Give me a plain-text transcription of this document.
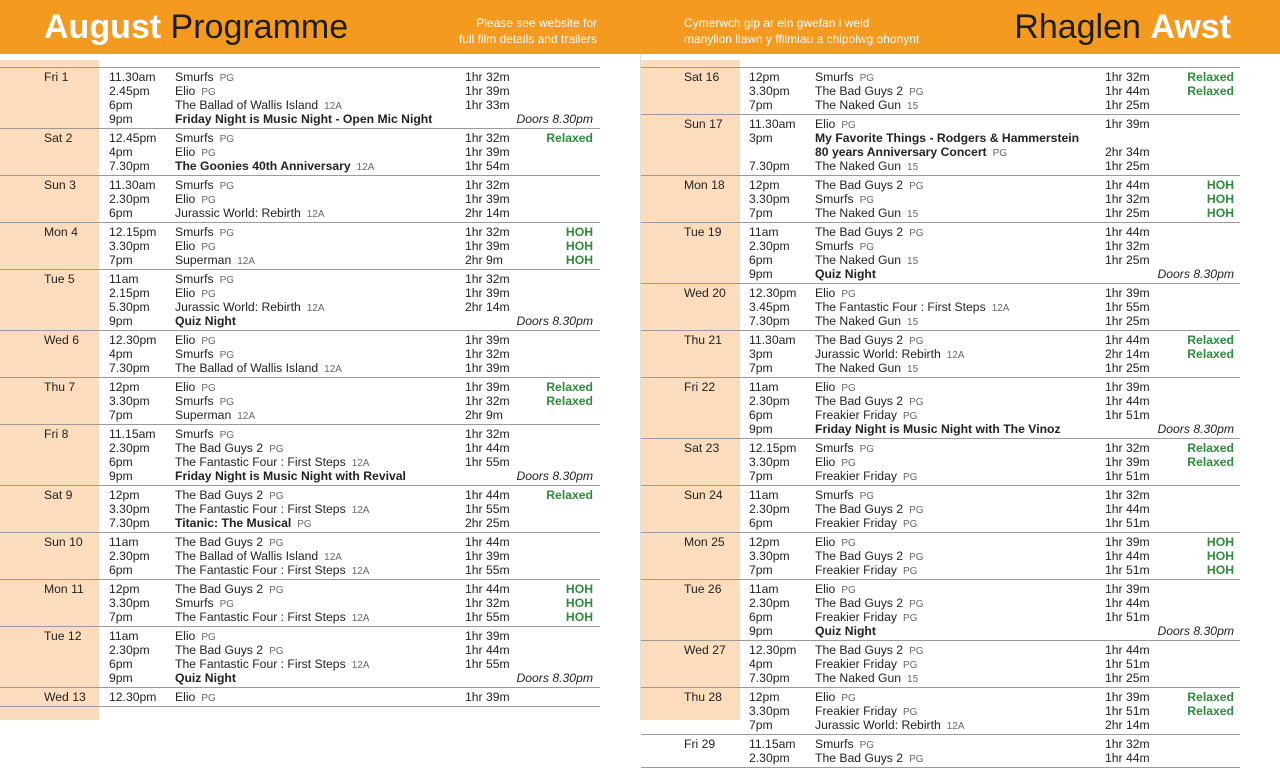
August Programme	Please see website for
full film details and trailers
Cymerwch gip ar ein gwefan i weld
manylion llawn y ffilmiau a chipolwg ohonynt	Rhaglen Awst
Fri 1	11.30am Smurfs PG	1hr 32m
2.45pm Elio PG	1hr 39m
6pm	The Ballad of Wallis Island 12A	1hr 33m
9pm	Friday Night is Music Night - Open Mic Night	Doors 8.30pm
Sat 2	12.45pm Smurfs PG	1hr 32m	Relaxed
4pm	Elio PG	1hr 39m
7.30pm The Goonies 40th Anniversary 12A	1hr 54m
Sun 3	11.30am Smurfs PG	1hr 32m
2.30pm Elio PG	1hr 39m
6pm	Jurassic World: Rebirth 12A	2hr 14m
Mon 4	12.15pm Smurfs PG	1hr 32m	HOH
3.30pm Elio PG	1hr 39m	HOH
7pm	Superman 12A	2hr 9m	HOH
Tue 5	11am	Smurfs PG	1hr 32m
2.15pm Elio PG	1hr 39m
5.30pm Jurassic World: Rebirth 12A	2hr 14m
9pm	Quiz Night	Doors 8.30pm
Wed 6 12.30pm Elio PG	1hr 39m
4pm	Smurfs PG	1hr 32m
7.30pm The Ballad of Wallis Island 12A	1hr 39m
Thu 7	12pm	Elio PG	1hr 39m	Relaxed
3.30pm Smurfs PG	1hr 32m	Relaxed
7pm	Superman 12A	2hr 9m
Fri 8	11.15am Smurfs PG	1hr 32m
2.30pm The Bad Guys 2 PG	1hr 44m
6pm	The Fantastic Four : First Steps 12A	1hr 55m
9pm	Friday Night is Music Night with Revival	Doors 8.30pm
Sat 9	12pm	The Bad Guys 2 PG	1hr 44m	Relaxed
3.30pm The Fantastic Four : First Steps 12A	1hr 55m
7.30pm Titanic: The Musical PG	2hr 25m
Sun 10 11am	The Bad Guys 2 PG	1hr 44m
2.30pm The Ballad of Wallis Island 12A	1hr 39m
6pm	The Fantastic Four : First Steps 12A	1hr 55m
Mon 11 12pm	The Bad Guys 2 PG	1hr 44m	HOH
3.30pm Smurfs PG	1hr 32m	HOH
7pm	The Fantastic Four : First Steps 12A	1hr 55m	HOH
Tue 12 11am	Elio PG	1hr 39m
2.30pm The Bad Guys 2 PG	1hr 44m
6pm	The Fantastic Four : First Steps 12A	1hr 55m
9pm	Quiz Night	Doors 8.30pm
Wed 13 12.30pm Elio PG	1hr 39m
Sat 16 12pm	Smurfs PG	1hr 32m	Relaxed
3.30pm The Bad Guys 2 PG	1hr 44m	Relaxed
7pm	The Naked Gun 15	1hr 25m
Sun 17 11.30am Elio PG	1hr 39m
3pm	My Favorite Things - Rodgers & Hammerstein
80 years Anniversary Concert PG	2hr 34m
7.30pm The Naked Gun 15	1hr 25m
Mon 18 12pm	The Bad Guys 2 PG	1hr 44m	HOH
3.30pm Smurfs PG	1hr 32m	HOH
7pm	The Naked Gun 15	1hr 25m	HOH
Tue 19 11am	The Bad Guys 2 PG	1hr 44m
2.30pm Smurfs PG	1hr 32m
6pm	The Naked Gun 15	1hr 25m
9pm	Quiz Night	Doors 8.30pm
Wed 20 12.30pm Elio PG	1hr 39m
3.45pm The Fantastic Four : First Steps 12A	1hr 55m
7.30pm The Naked Gun 15	1hr 25m
Thu 21 11.30am The Bad Guys 2 PG	1hr 44m	Relaxed
3pm	Jurassic World: Rebirth 12A	2hr 14m	Relaxed
7pm	The Naked Gun 15	1hr 25m
Fri 22	11am	Elio PG	1hr 39m
2.30pm The Bad Guys 2 PG	1hr 44m
6pm	Freakier Friday PG	1hr 51m
9pm	Friday Night is Music Night with The Vinoz	Doors 8.30pm
Sat 23 12.15pm Smurfs PG	1hr 32m	Relaxed
3.30pm Elio PG	1hr 39m	Relaxed
7pm	Freakier Friday PG	1hr 51m
Sun 24 11am	Smurfs PG	1hr 32m
2.30pm The Bad Guys 2 PG	1hr 44m
6pm	Freakier Friday PG	1hr 51m
Mon 25 12pm	Elio PG	1hr 39m	HOH
3.30pm The Bad Guys 2 PG	1hr 44m	HOH
7pm	Freakier Friday PG	1hr 51m	HOH
Tue 26 11am	Elio PG	1hr 39m
2.30pm The Bad Guys 2 PG	1hr 44m
6pm	Freakier Friday PG	1hr 51m
9pm	Quiz Night	Doors 8.30pm
Wed 27 12.30pm The Bad Guys 2 PG	1hr 44m
4pm	Freakier Friday PG	1hr 51m
7.30pm The Naked Gun 15	1hr 25m
Thu 28 12pm	Elio PG	1hr 39m	Relaxed
3.30pm Freakier Friday PG	1hr 51m	Relaxed
7pm	Jurassic World: Rebirth 12A	2hr 14m
Fri 29	11.15am Smurfs PG	1hr 32m
2.30pm The Bad Guys 2 PG	1hr 44m
